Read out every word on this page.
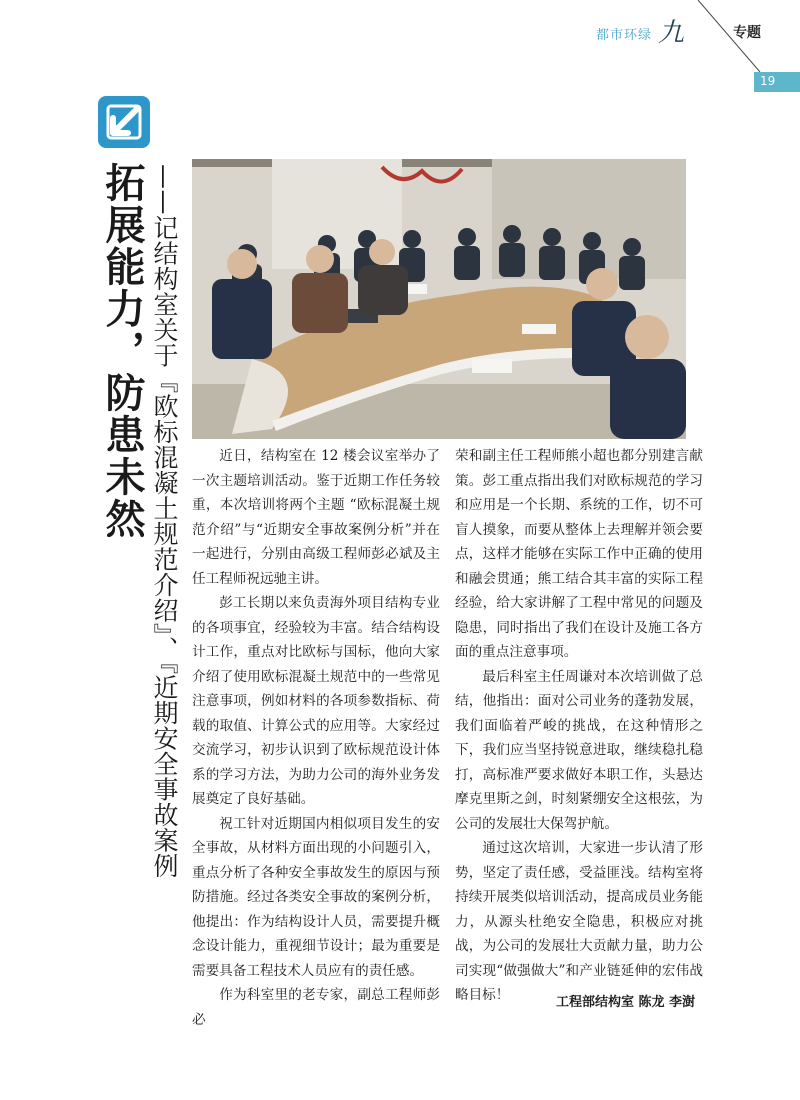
都市环绿 九	专题
19
拓展能力，防患未然 ——记结构室关于『欧标混凝土规范介绍』、『近期安全事故案例

近日，结构室在 12 楼会议室举办了一次主题培训活动。鉴于近期工作任务较重，本次培训将两个主题 “欧标混凝土规范介绍”与“近期安全事故案例分析”并在一起进行，分别由高级工程师彭必斌及主任工程师祝远驰主讲。

彭工长期以来负责海外项目结构专业的各项事宜，经验较为丰富。结合结构设计工作，重点对比欧标与国标，他向大家介绍了使用欧标混凝土规范中的一些常见注意事项，例如材料的各项参数指标、荷载的取值、计算公式的应用等。大家经过交流学习，初步认识到了欧标规范设计体系的学习方法，为助力公司的海外业务发展奠定了良好基础。

祝工针对近期国内相似项目发生的安全事故，从材料方面出现的小问题引入，重点分析了各种安全事故发生的原因与预防措施。经过各类安全事故的案例分析，他提出：作为结构设计人员，需要提升概念设计能力，重视细节设计；最为重要是需要具备工程技术人员应有的责任感。

作为科室里的老专家，副总工程师彭必

荣和副主任工程师熊小超也都分别建言献策。彭工重点指出我们对欧标规范的学习和应用是一个长期、系统的工作，切不可盲人摸象，而要从整体上去理解并领会要点，这样才能够在实际工作中正确的使用和融会贯通；熊工结合其丰富的实际工程经验，给大家讲解了工程中常见的问题及隐患，同时指出了我们在设计及施工各方面的重点注意事项。

最后科室主任周谦对本次培训做了总结，他指出：面对公司业务的蓬勃发展，我们面临着严峻的挑战，在这种情形之下，我们应当坚持锐意进取，继续稳扎稳打，高标准严要求做好本职工作，头悬达摩克里斯之剑，时刻紧绷安全这根弦，为公司的发展壮大保驾护航。

通过这次培训，大家进一步认清了形势，坚定了责任感，受益匪浅。结构室将持续开展类似培训活动，提高成员业务能力，从源头杜绝安全隐患，积极应对挑战，为公司的发展壮大贡献力量，助力公司实现“做强做大”和产业链延伸的宏伟战略目标！	工程部结构室 陈龙 李澍
